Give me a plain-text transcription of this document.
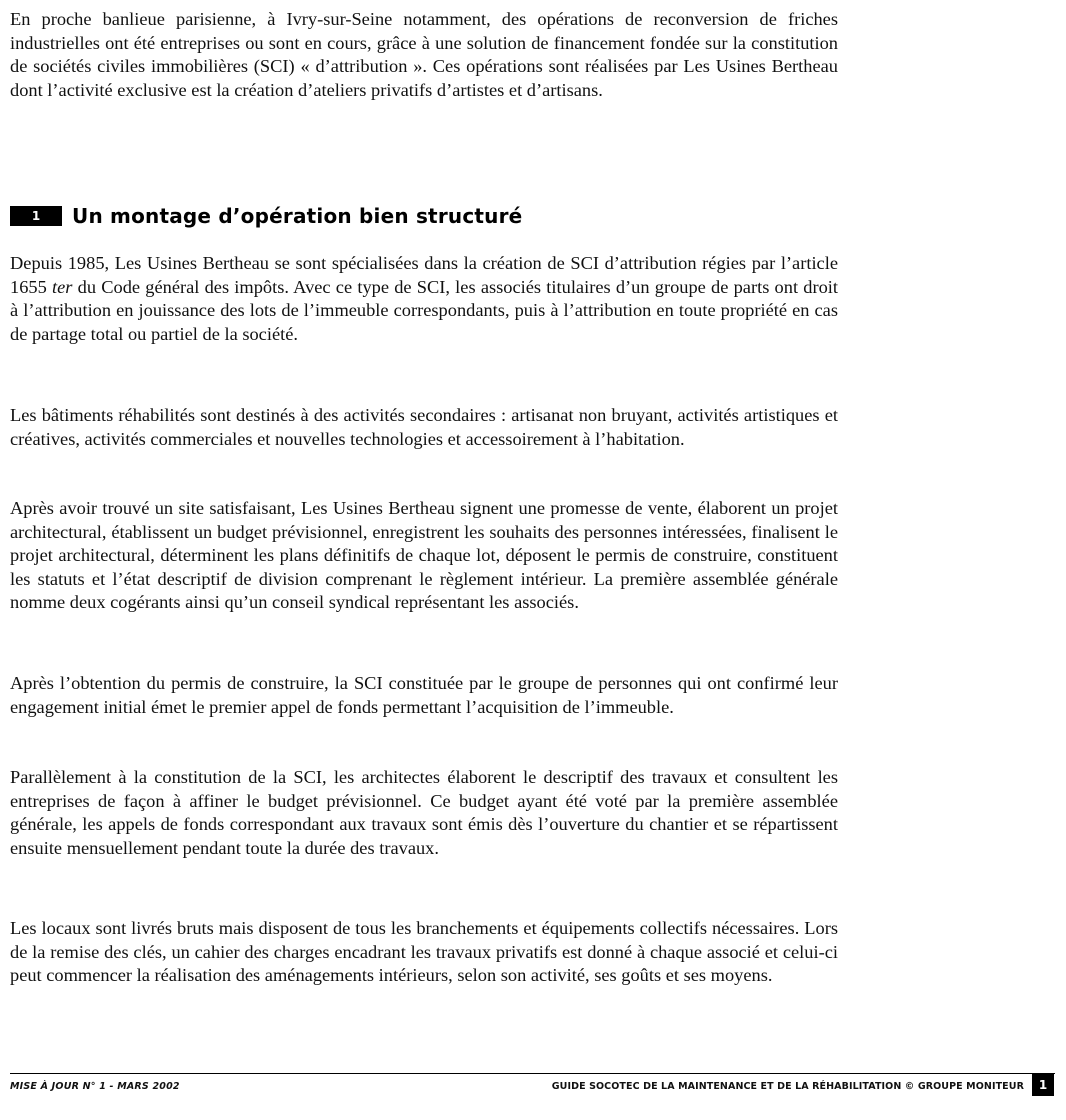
En proche banlieue parisienne, à Ivry-sur-Seine notamment, des opérations de reconversion de friches industrielles ont été entreprises ou sont en cours, grâce à une solution de financement fondée sur la constitution de sociétés civiles immobilières (SCI) « d’attribution ». Ces opérations sont réalisées par Les Usines Bertheau dont l’activité exclusive est la création d’ateliers privatifs d’artistes et d’artisans.

1	Un montage d’opération bien structuré

Depuis 1985, Les Usines Bertheau se sont spécialisées dans la création de SCI d’attribution régies par l’article 1655 ter du Code général des impôts. Avec ce type de SCI, les associés titulaires d’un groupe de parts ont droit à l’attribution en jouissance des lots de l’immeuble correspondants, puis à l’attribution en toute propriété en cas de partage total ou partiel de la société.

Les bâtiments réhabilités sont destinés à des activités secondaires : artisanat non bruyant, activités artistiques et créatives, activités commerciales et nouvelles technologies et accessoirement à l’habitation.

Après avoir trouvé un site satisfaisant, Les Usines Bertheau signent une promesse de vente, élaborent un projet architectural, établissent un budget prévisionnel, enregistrent les souhaits des personnes intéressées, finalisent le projet architectural, déterminent les plans définitifs de chaque lot, déposent le permis de construire, constituent les statuts et l’état descriptif de division comprenant le règlement intérieur. La première assemblée générale nomme deux cogérants ainsi qu’un conseil syndical représentant les associés.

Après l’obtention du permis de construire, la SCI constituée par le groupe de personnes qui ont confirmé leur engagement initial émet le premier appel de fonds permettant l’acquisition de l’immeuble.

Parallèlement à la constitution de la SCI, les architectes élaborent le descriptif des travaux et consultent les entreprises de façon à affiner le budget prévisionnel. Ce budget ayant été voté par la première assemblée générale, les appels de fonds correspondant aux travaux sont émis dès l’ouverture du chantier et se répartissent ensuite mensuellement pendant toute la durée des travaux.

Les locaux sont livrés bruts mais disposent de tous les branchements et équipements collectifs nécessaires. Lors de la remise des clés, un cahier des charges encadrant les travaux privatifs est donné à chaque associé et celui-ci peut commencer la réalisation des aménagements intérieurs, selon son activité, ses goûts et ses moyens.

MISE À JOUR N° 1 - MARS 2002	GUIDE SOCOTEC DE LA MAINTENANCE ET DE LA RÉHABILITATION © GROUPE MONITEUR	1
